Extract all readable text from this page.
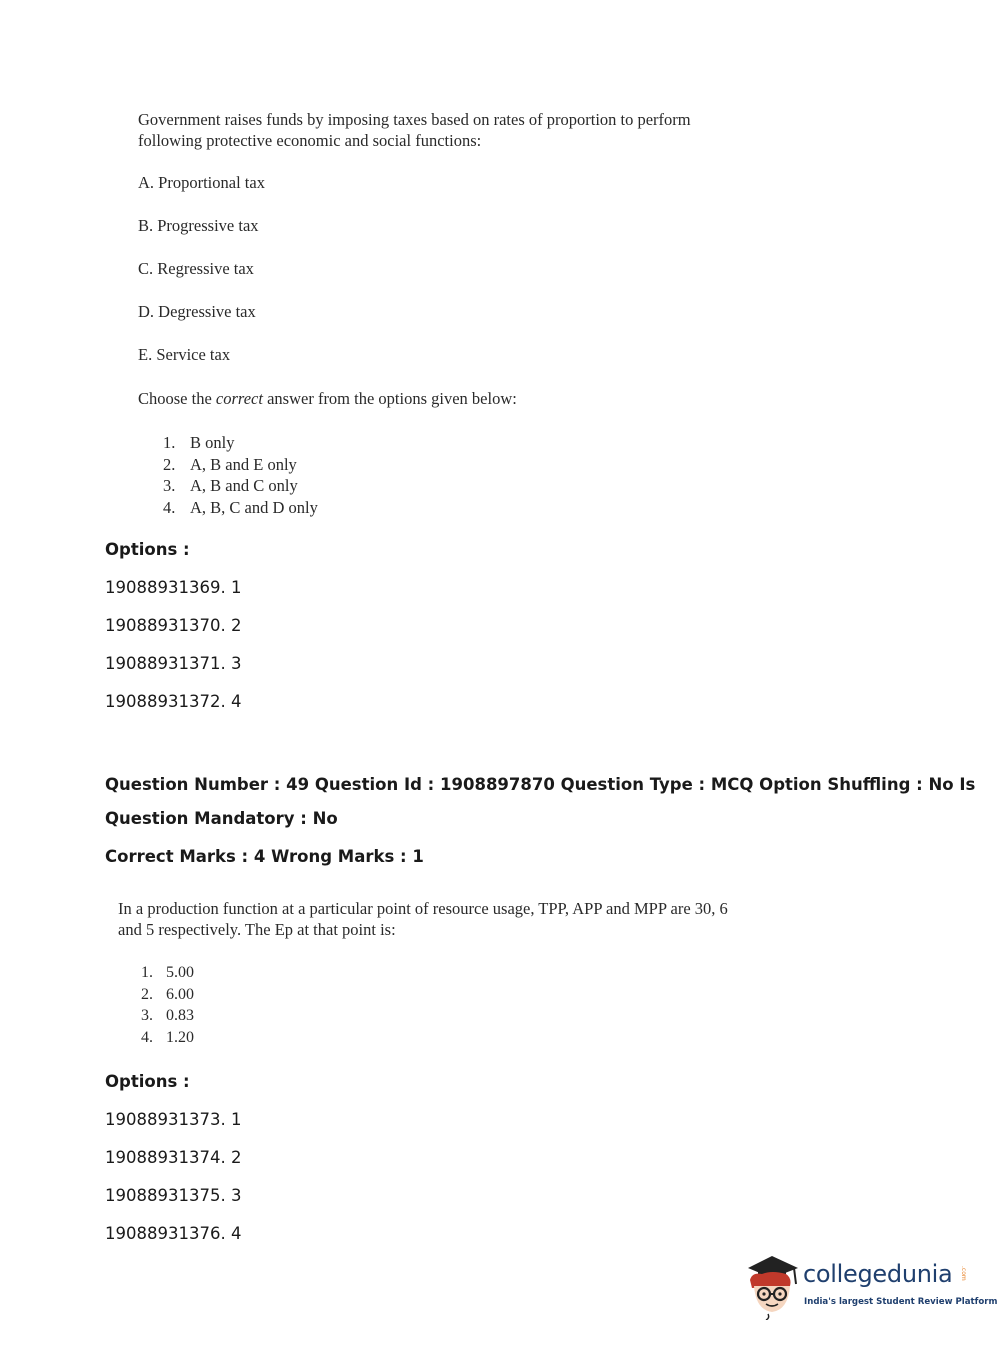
Government raises funds by imposing taxes based on rates of proportion to perform following protective economic and social functions:

A. Proportional tax

B. Progressive tax

C. Regressive tax

D. Degressive tax

E. Service tax

Choose the correct answer from the options given below:

1. B only
2. A, B and E only
3. A, B and C only
4. A, B, C and D only

Options :

19088931369. 1

19088931370. 2

19088931371. 3

19088931372. 4

Question Number : 49 Question Id : 1908897870 Question Type : MCQ Option Shuffling : No Is

Question Mandatory : No

Correct Marks : 4 Wrong Marks : 1

In a production function at a particular point of resource usage, TPP, APP and MPP are 30, 6 and 5 respectively. The Ep at that point is:

1. 5.00
2. 6.00
3. 0.83
4. 1.20

Options :

19088931373. 1

19088931374. 2

19088931375. 3

19088931376. 4

collegedunia .com
India's largest Student Review Platform
